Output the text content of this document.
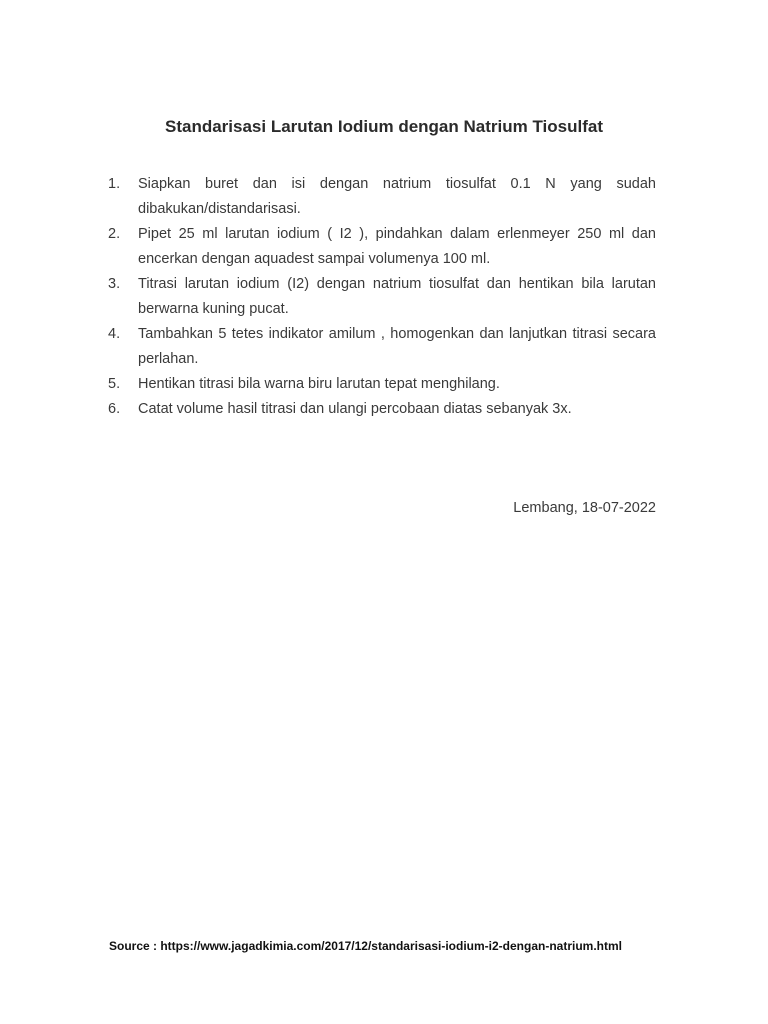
Standarisasi Larutan Iodium dengan Natrium Tiosulfat
1.	Siapkan buret dan isi dengan natrium tiosulfat 0.1 N yang sudah dibakukan/distandarisasi.
2.	Pipet 25 ml larutan iodium ( I2 ), pindahkan dalam erlenmeyer 250 ml dan encerkan dengan aquadest sampai volumenya 100 ml.
3.	Titrasi larutan iodium (I2) dengan natrium tiosulfat dan hentikan bila larutan berwarna kuning pucat.
4.	Tambahkan 5 tetes indikator amilum , homogenkan dan lanjutkan titrasi secara perlahan.
5.	Hentikan titrasi bila warna biru larutan tepat menghilang.
6.	Catat volume hasil titrasi dan ulangi percobaan diatas sebanyak 3x.
Lembang, 18-07-2022
Source : https://www.jagadkimia.com/2017/12/standarisasi-iodium-i2-dengan-natrium.html
